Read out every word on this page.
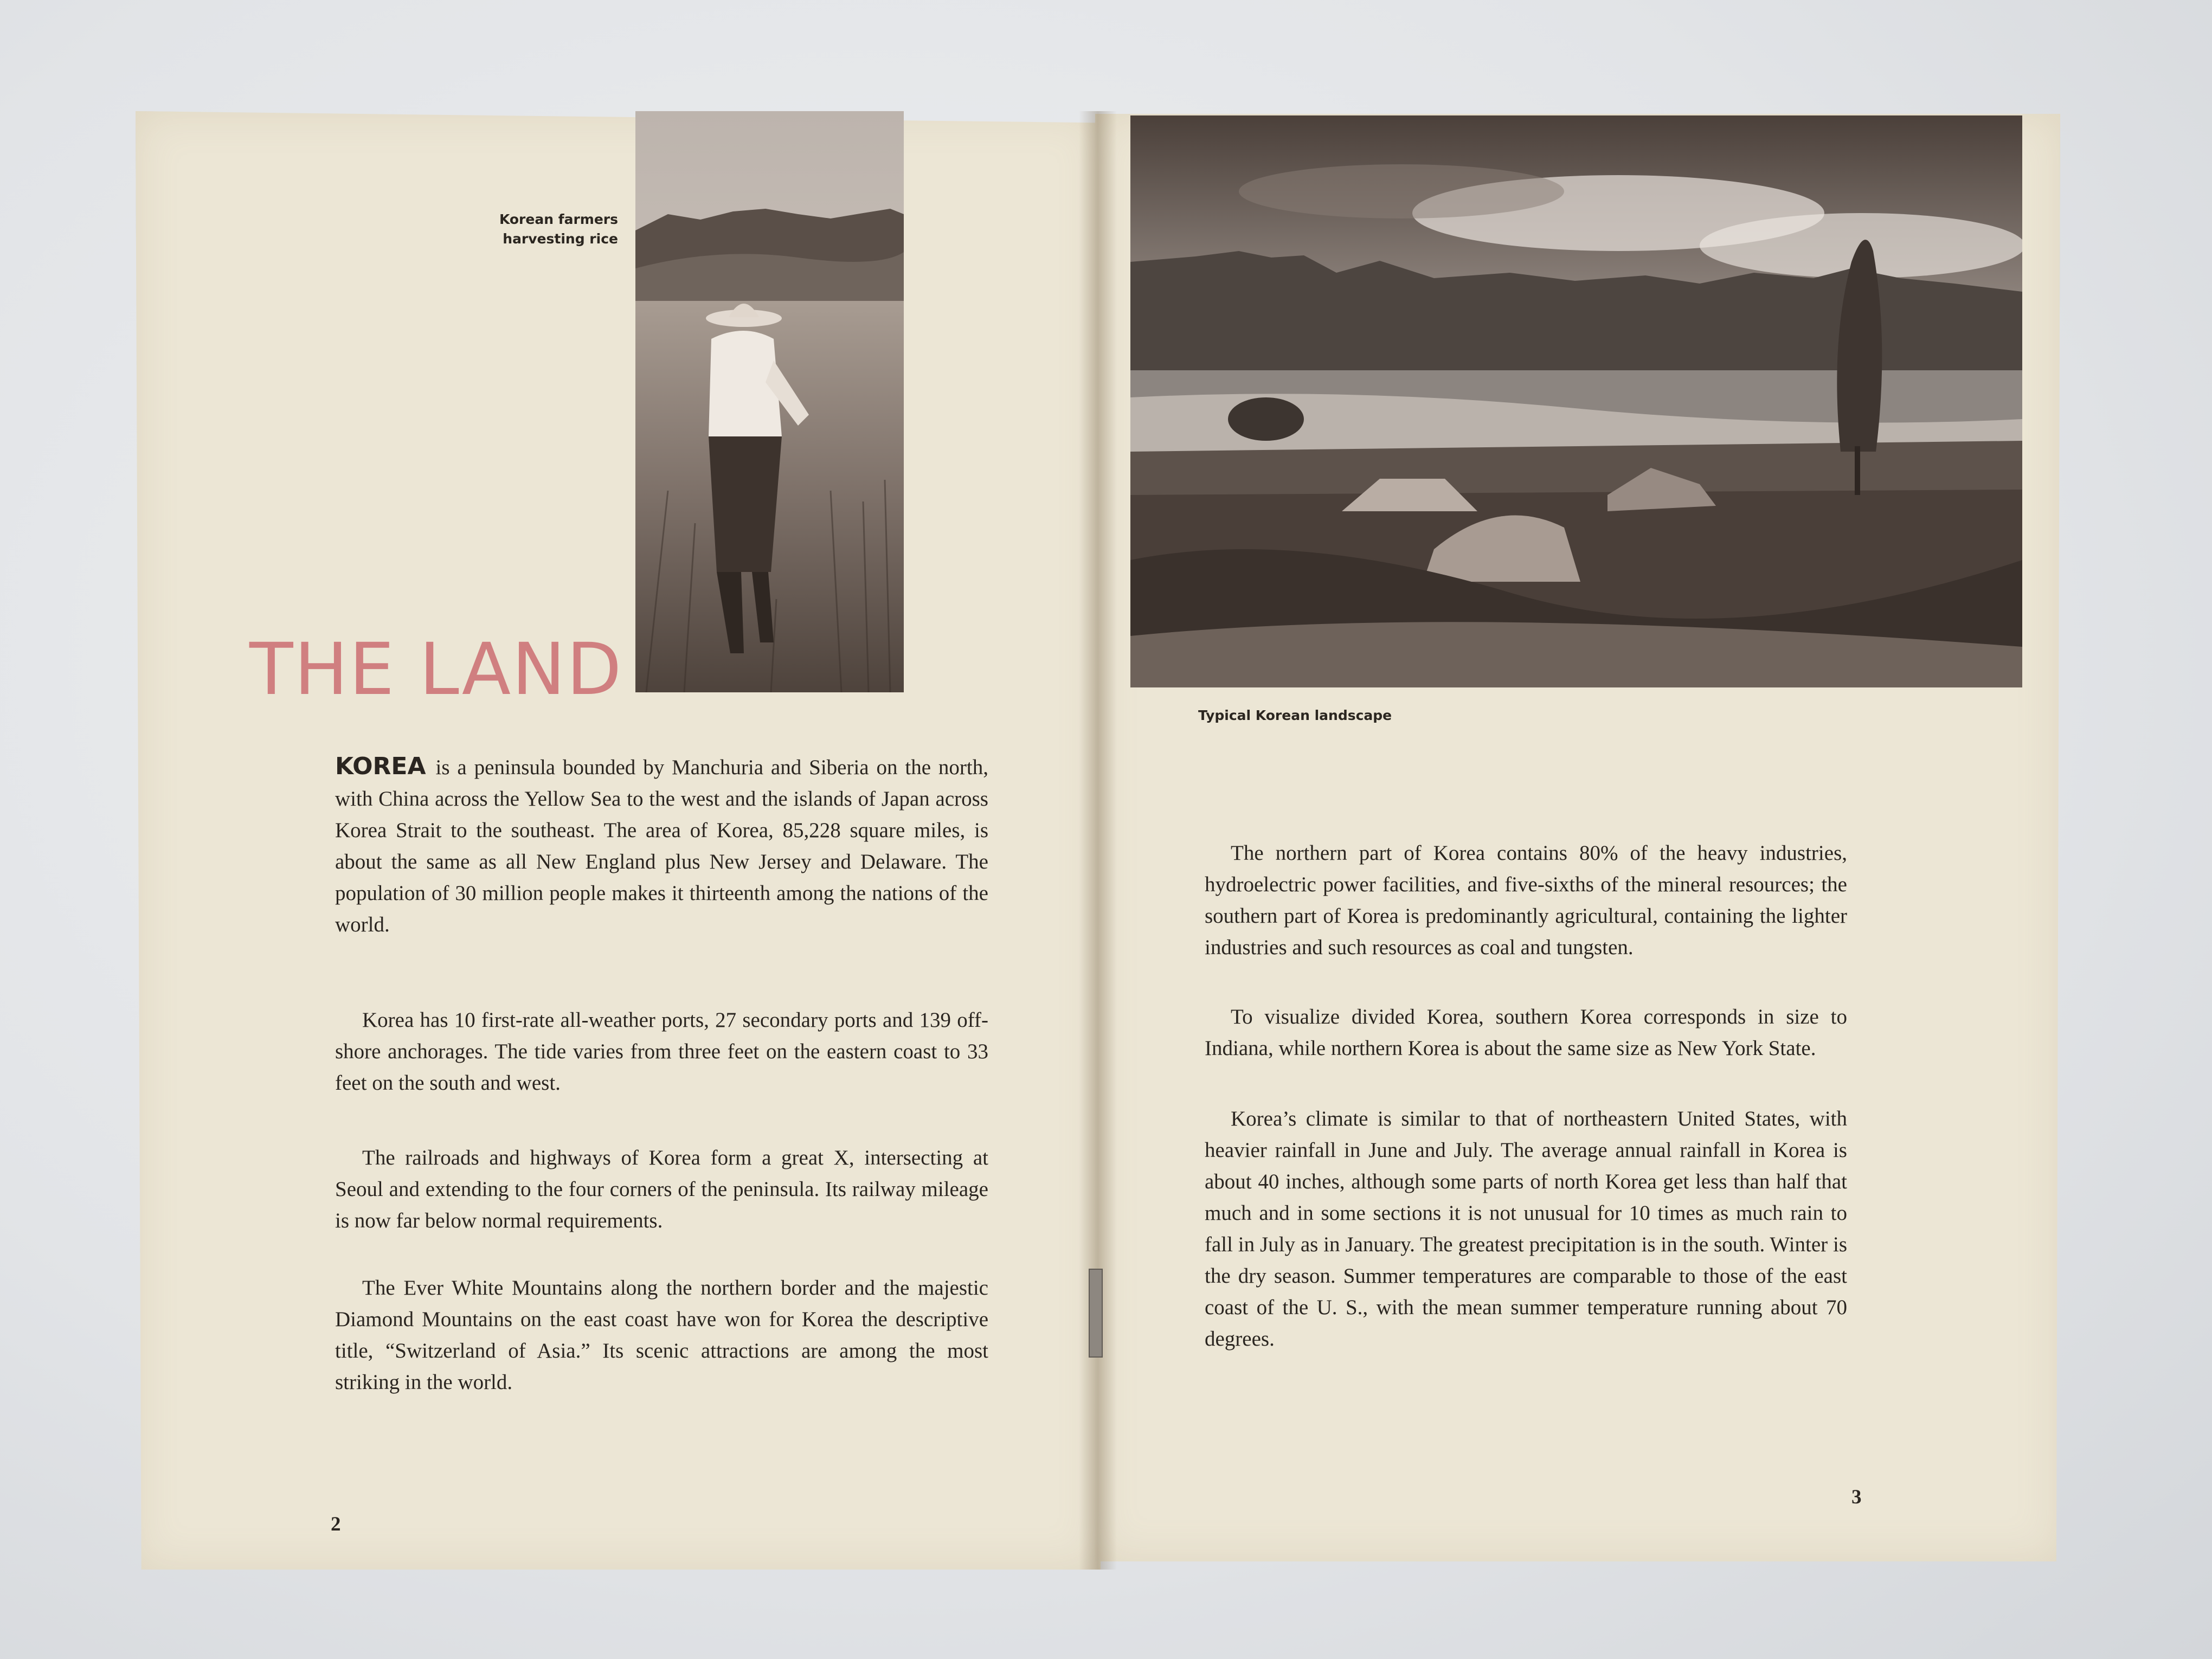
Korean farmers harvesting rice
Typical Korean landscape
THE LAND

KOREA is a peninsula bounded by Manchuria and Siberia on the north, with China across the Yellow Sea to the west and the islands of Japan across Korea Strait to the southeast. The area of Korea, 85,228 square miles, is about the same as all New England plus New Jersey and Delaware. The population of 30 million people makes it thirteenth among the nations of the world.

Korea has 10 first-rate all-weather ports, 27 secondary ports and 139 off-shore anchorages. The tide varies from three feet on the eastern coast to 33 feet on the south and west.

The railroads and highways of Korea form a great X, intersecting at Seoul and extending to the four corners of the peninsula. Its railway mileage is now far below normal requirements.

The Ever White Mountains along the northern border and the majestic Diamond Mountains on the east coast have won for Korea the descriptive title, “Switzerland of Asia.” Its scenic attractions are among the most striking in the world.

2

The northern part of Korea contains 80% of the heavy industries, hydroelectric power facilities, and five-sixths of the mineral resources; the southern part of Korea is predominantly agricultural, containing the lighter industries and such resources as coal and tungsten.

To visualize divided Korea, southern Korea corresponds in size to Indiana, while northern Korea is about the same size as New York State.

Korea’s climate is similar to that of northeastern United States, with heavier rainfall in June and July. The average annual rainfall in Korea is about 40 inches, although some parts of north Korea get less than half that much and in some sections it is not unusual for 10 times as much rain to fall in July as in January. The greatest precipitation is in the south. Winter is the dry season. Summer temperatures are comparable to those of the east coast of the U. S., with the mean summer temperature running about 70 degrees.

3
